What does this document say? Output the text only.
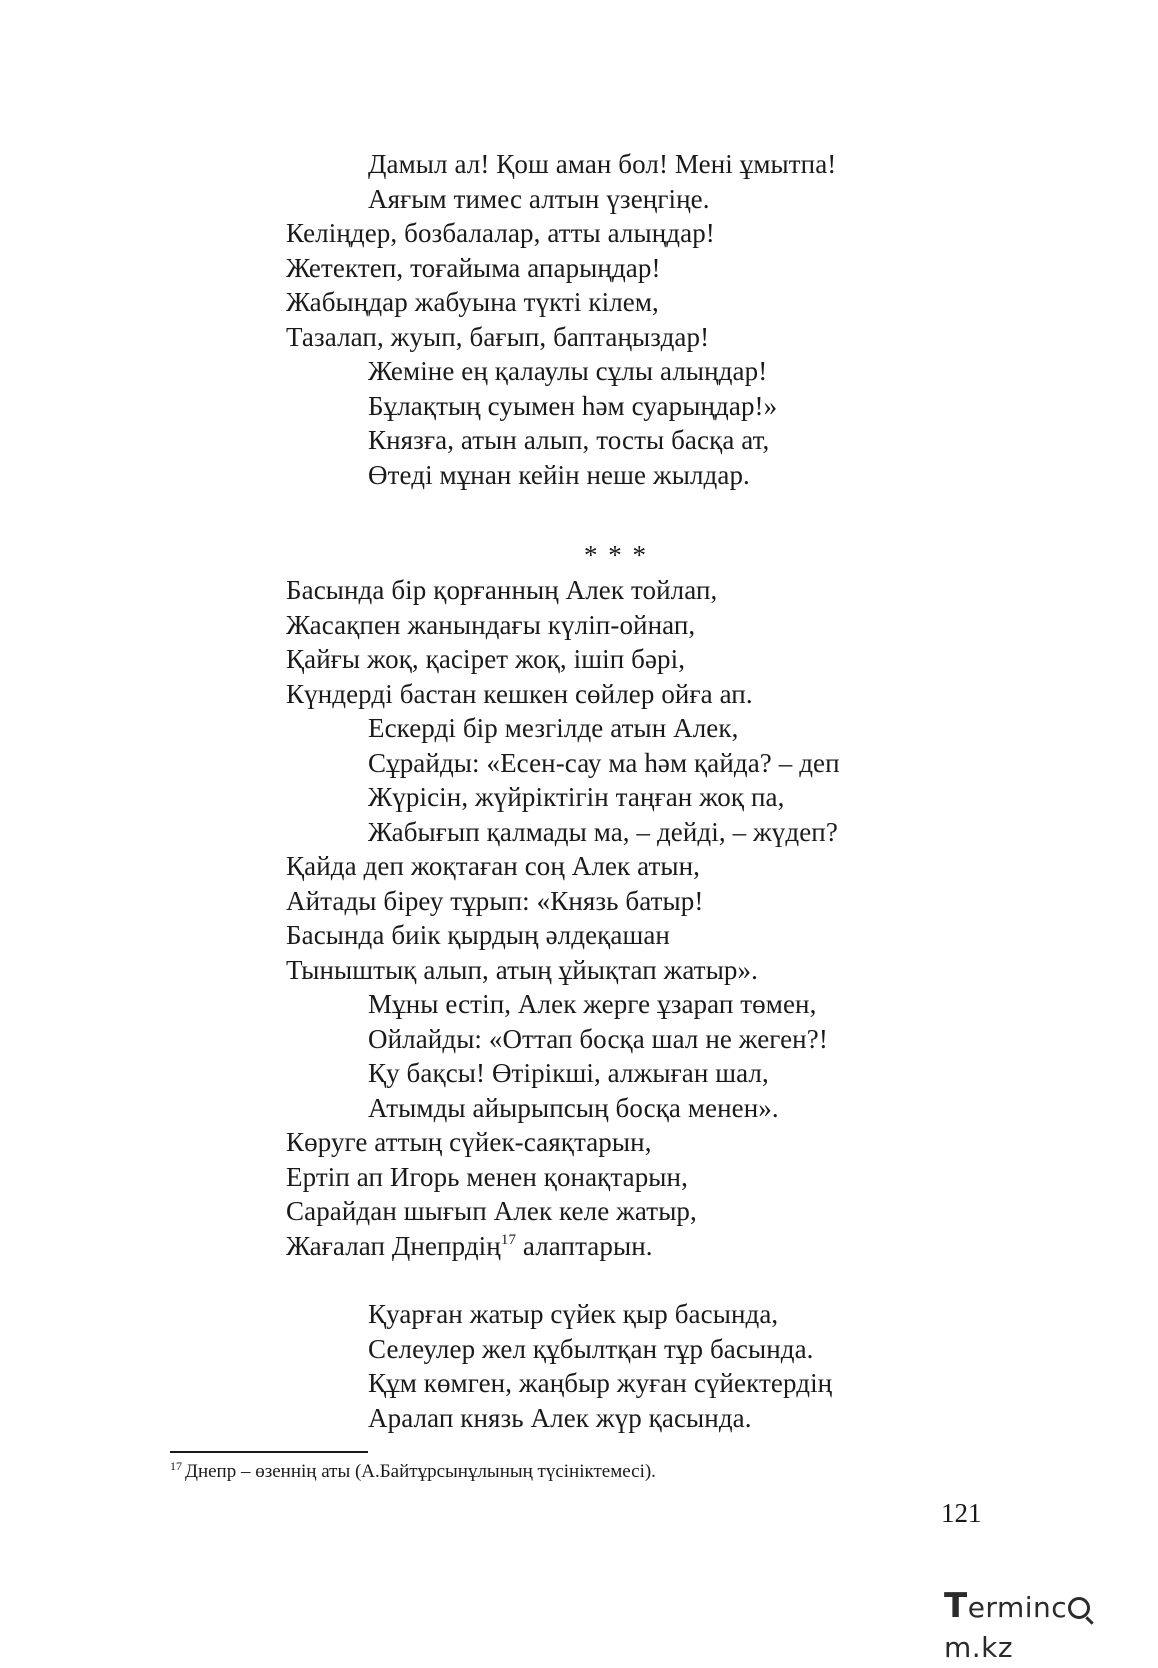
Дамыл ал! Қош аман бол! Мені ұмытпа!
Аяғым тимес алтын үзеңгіңе.
Келіңдер, бозбалалар, атты алыңдар!
Жетектеп, тоғайыма апарыңдар!
Жабыңдар жабуына түкті кілем,
Тазалап, жуып, бағып, баптаңыздар!
Жеміне ең қалаулы сұлы алыңдар!
Бұлақтың суымен һәм суарыңдар!»
Князға, атын алып, тосты басқа ат,
Өтеді мұнан кейін неше жылдар.
* * *
Басында бір қорғанның Алек тойлап,
Жасақпен жанындағы күліп-ойнап,
Қайғы жоқ, қасірет жоқ, ішіп бәрі,
Күндерді бастан кешкен сөйлер ойға ап.
Ескерді бір мезгілде атын Алек,
Сұрайды: «Есен-сау ма һәм қайда? – деп
Жүрісін, жүйріктігін таңған жоқ па,
Жабығып қалмады ма, – дейді, – жүдеп?
Қайда деп жоқтаған соң Алек атын,
Айтады біреу тұрып: «Князь батыр!
Басында биік қырдың әлдеқашан
Тыныштық алып, атың ұйықтап жатыр».
Мұны естіп, Алек жерге ұзарап төмен,
Ойлайды: «Оттап босқа шал не жеген?!
Қу бақсы! Өтірікші, алжыған шал,
Атымды айырыпсың босқа менен».
Көруге аттың сүйек-саяқтарын,
Ертіп ап Игорь менен қонақтарын,
Сарайдан шығып Алек келе жатыр,
Жағалап Днепрдің$^{17}$ алаптарын.
Қуарған жатыр сүйек қыр басында,
Селеулер жел құбылтқан тұр басында.
Құм көмген, жаңбыр жуған сүйектердің
Аралап князь Алек жүр қасында.
$^{17}$ Днепр – өзеннің аты (А.Байтұрсынұлының түсініктемесі).
121
Termincm.kz
